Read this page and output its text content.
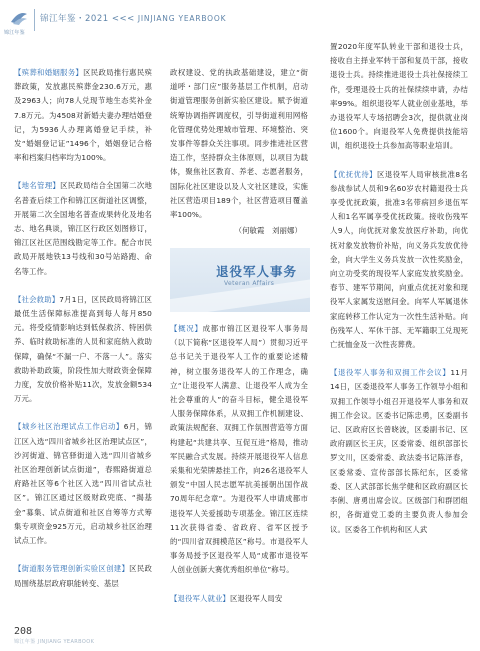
锦江年鉴
锦江年鉴・2021 <<< JINJIANG YEARBOOK

【殡葬和婚姻服务】区民政局推行惠民殡葬政策，发放惠民殡葬金230.6万元，惠及2963人；向78人兑现节地生态奖补金7.8万元。为4508对新婚夫妻办理结婚登记，为5936人办理离婚登记手续，补发“婚姻登记证”1496个，婚姻登记合格率和档案归档率均为100%。

【地名管理】区民政局结合全国第二次地名普查后续工作和锦江区街道社区调整，开展第二次全国地名普查成果转化及地名志、地名典谈，锦江区行政区划图修订，锦江区社区范围线勘定等工作。配合市民政局开展地铁13号线和30号站路跑、命名等工作。

【社会救助】7月1日，区民政局将锦江区最低生活保障标准提高到每人每月850元。将受疫情影响达到低保救济、特困供养、临时救助标准的人员和家庭纳入救助保障，确保“不漏一户、不落一人”。落实救助补助政策，阶段性加大财政资金保障力度，发放价格补贴11次，发放金额534万元。

【城乡社区治理试点工作启动】6月，锦江区入选“四川省城乡社区治理试点区”，沙河街道、锦官驿街道入选“四川省城乡社区治理创新试点街道”，春熙路街道总府路社区等6个社区入选“四川省试点社区”。锦江区通过区级财政兜底、“揭基金”募集、试点街道和社区自筹等方式筹集专项资金925万元，启动城乡社区治理试点工作。

【街道服务管理创新实验区创建】区民政局围绕基层政府职能转变、基层

政权建设、党的执政基础建设，建立“街道呼・部门应”服务基层工作机制，启动街道管理服务创新实验区建设。赋予街道统筹协调指挥调度权，引导街道利用网格化管理优势处理城市管理、环境整治、突发事件等群众关注事项。同步推进社区营造工作，坚持群众主体原则，以项目为载体，聚焦社区教育、养老、志愿者服务，国际化社区建设以及人文社区建设，实施社区营造项目189个，社区营造项目覆盖率100%。

（何敏霞　刘丽娜）

退役军人事务
Veteran Affairs

【概况】成都市锦江区退役军人事务局（以下简称“区退役军人局”）贯彻习近平总书记关于退役军人工作的重要论述精神，树立服务退役军人的工作理念，确立“让退役军人满意、让退役军人成为全社会尊重的人”的奋斗目标，健全退役军人服务保障体系，从双拥工作机制建设、政策法规配套、双拥工作氛围营造等方面构建起“共建共享、互促互进”格局，推动军民融合式发展。持续开展退役军人信息采集和光荣牌悬挂工作，向26名退役军人颁发“中国人民志愿军抗美援朝出国作战70周年纪念章”。为退役军人申请成都市退役军人关爱援助专项基金。锦江区连续11次获得省委、省政府、省军区授予的“四川省双拥模范区”称号。市退役军人事务局授予区退役军人局“成都市退役军人创业创新大赛优秀组织单位”称号。

【退役军人就业】区退役军人局安

置2020年度军队转业干部和退役士兵，接收自主择业军转干部和复员干部，接收退役士兵。持续推进退役士兵社保接续工作，受理退役士兵的社保续续申请，办结率99%。组织退役军人就业创业基地，举办退役军人专场招聘会3次，提供就业岗位1600个。向退役军人免费提供技能培训，组织退役士兵参加高等职业培训。

【优抚优待】区退役军人局审核批准8名参战参试人员和9名60岁农村籍退役士兵享受优抚政策，批准3名带病回乡退伍军人和1名军属享受优抚政策。接收伤残军人9人，向优抚对象发放医疗补助，向优抚对象发放物价补贴，向义务兵发放优待金，向大学生义务兵发放一次性奖励金，向立功受奖的现役军人家庭发放奖励金。春节、建军节期间，向重点优抚对象和现役军人家属发送慰问金。向军人军属退休家庭转移工作认定为一次性生活补贴。向伤残军人、军休干部、无军籍职工兑现死亡抚恤金及一次性丧葬费。

【退役军人事务和双拥工作会议】11月14日，区委退役军人事务工作领导小组和双拥工作领导小组召开退役军人事务和双拥工作会议。区委书记陈忠勇，区委副书记、区政府区长曾晓波，区委副书记、区政府副区长王庆，区委常委、组织部部长罗文川，区委常委、政法委书记陈泽春，区委常委、宣传部部长陈纪东，区委常委、区人武部部长焦学健和区政府副区长李俐、唐勇出席会议。区级部门和群团组织，各街道党工委的主要负责人参加会议。区委各工作机构和区人武

208
锦江年鉴 JINJIANG YEARBOOK
